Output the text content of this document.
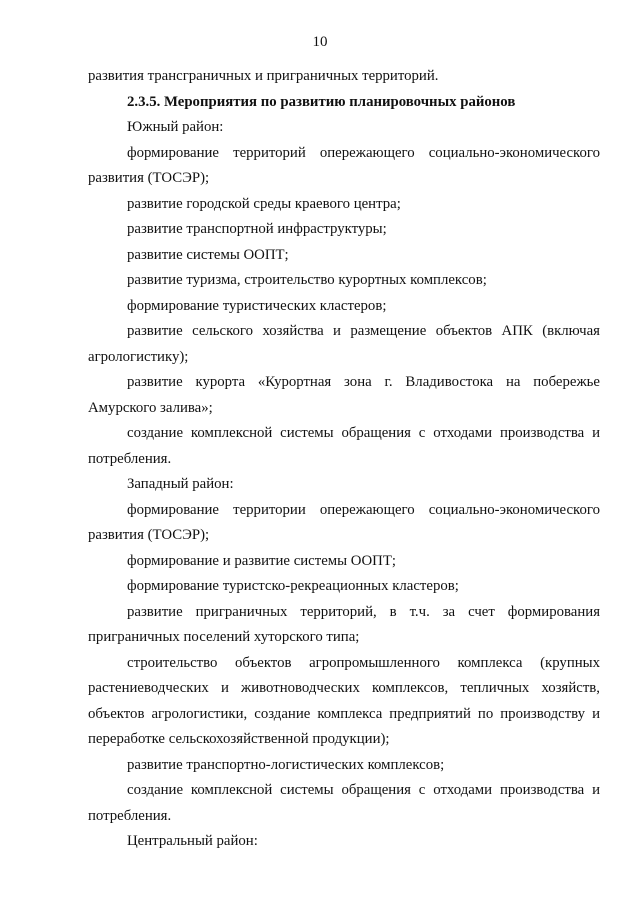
10

развития трансграничных и приграничных территорий.

2.3.5. Мероприятия по развитию планировочных районов

Южный район:

формирование территорий опережающего социально-экономического развития (ТОСЭР);

развитие городской среды краевого центра;

развитие транспортной инфраструктуры;

развитие системы ООПТ;

развитие туризма, строительство курортных комплексов;

формирование туристических кластеров;

развитие сельского хозяйства и размещение объектов АПК (включая агрологистику);

развитие курорта «Курортная зона г. Владивостока на побережье Амурского залива»;

создание комплексной системы обращения с отходами производства и потребления.

Западный район:

формирование территории опережающего социально-экономического развития (ТОСЭР);

формирование и развитие системы ООПТ;

формирование туристско-рекреационных кластеров;

развитие приграничных территорий, в т.ч. за счет формирования приграничных поселений хуторского типа;

строительство объектов агропромышленного комплекса (крупных растениеводческих и животноводческих комплексов, тепличных хозяйств, объектов агрологистики, создание комплекса предприятий по производству и переработке сельскохозяйственной продукции);

развитие транспортно-логистических комплексов;

создание комплексной системы обращения с отходами производства и потребления.

Центральный район:
